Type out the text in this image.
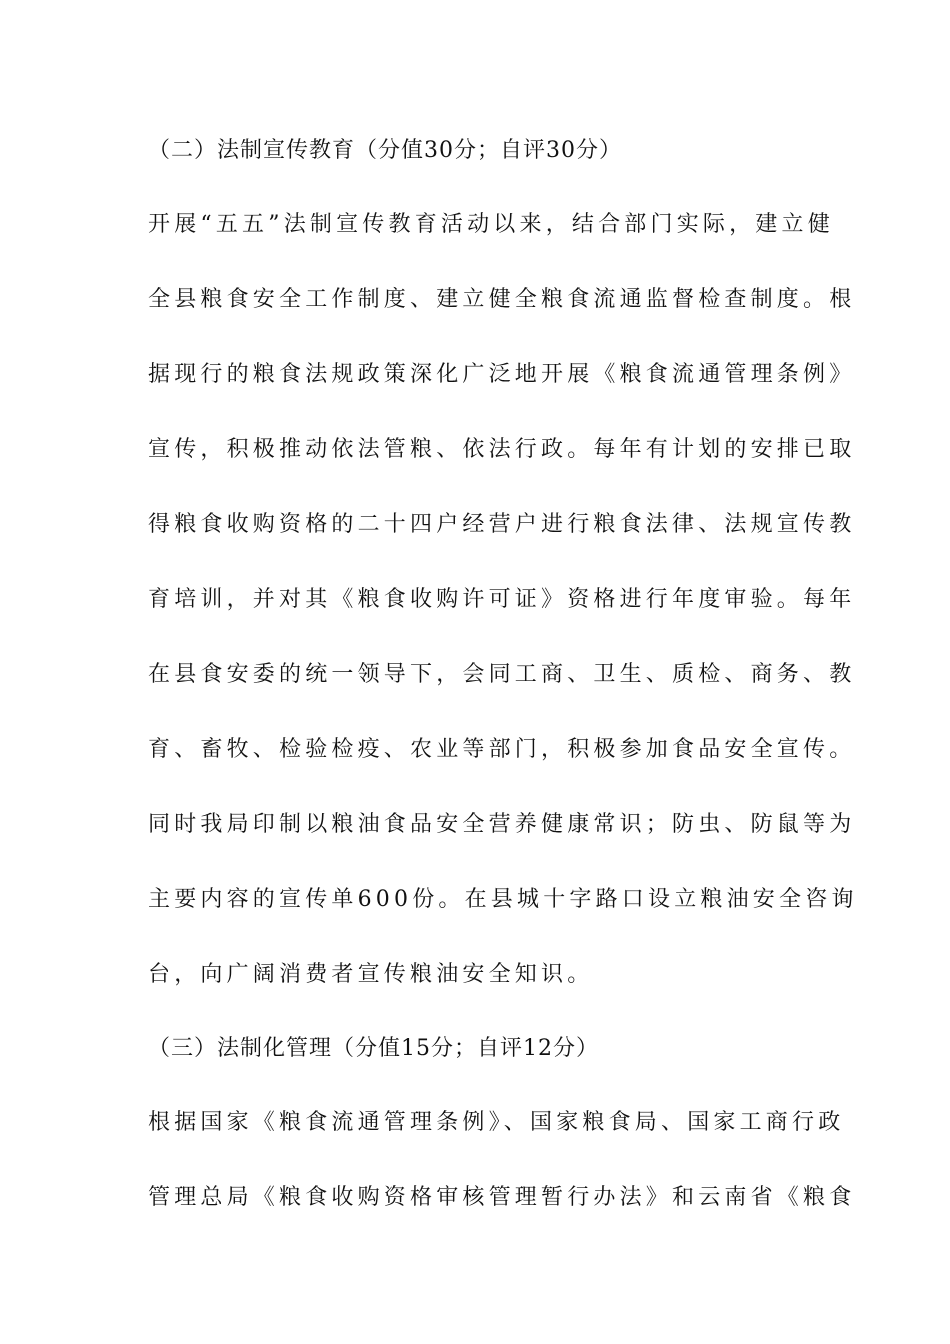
（二）法制宣传教育（分值30分；自评30分）
开展“五五”法制宣传教育活动以来，结合部门实际，建立健
全县粮食安全工作制度、建立健全粮食流通监督检查制度。根
据现行的粮食法规政策深化广泛地开展《粮食流通管理条例》
宣传，积极推动依法管粮、依法行政。每年有计划的安排已取
得粮食收购资格的二十四户经营户进行粮食法律、法规宣传教
育培训，并对其《粮食收购许可证》资格进行年度审验。每年
在县食安委的统一领导下，会同工商、卫生、质检、商务、教
育、畜牧、检验检疫、农业等部门，积极参加食品安全宣传。
同时我局印制以粮油食品安全营养健康常识；防虫、防鼠等为
主要内容的宣传单600份。在县城十字路口设立粮油安全咨询
台，向广阔消费者宣传粮油安全知识。
（三）法制化管理（分值15分；自评12分）
根据国家《粮食流通管理条例》、国家粮食局、国家工商行政
管理总局《粮食收购资格审核管理暂行办法》和云南省《粮食
